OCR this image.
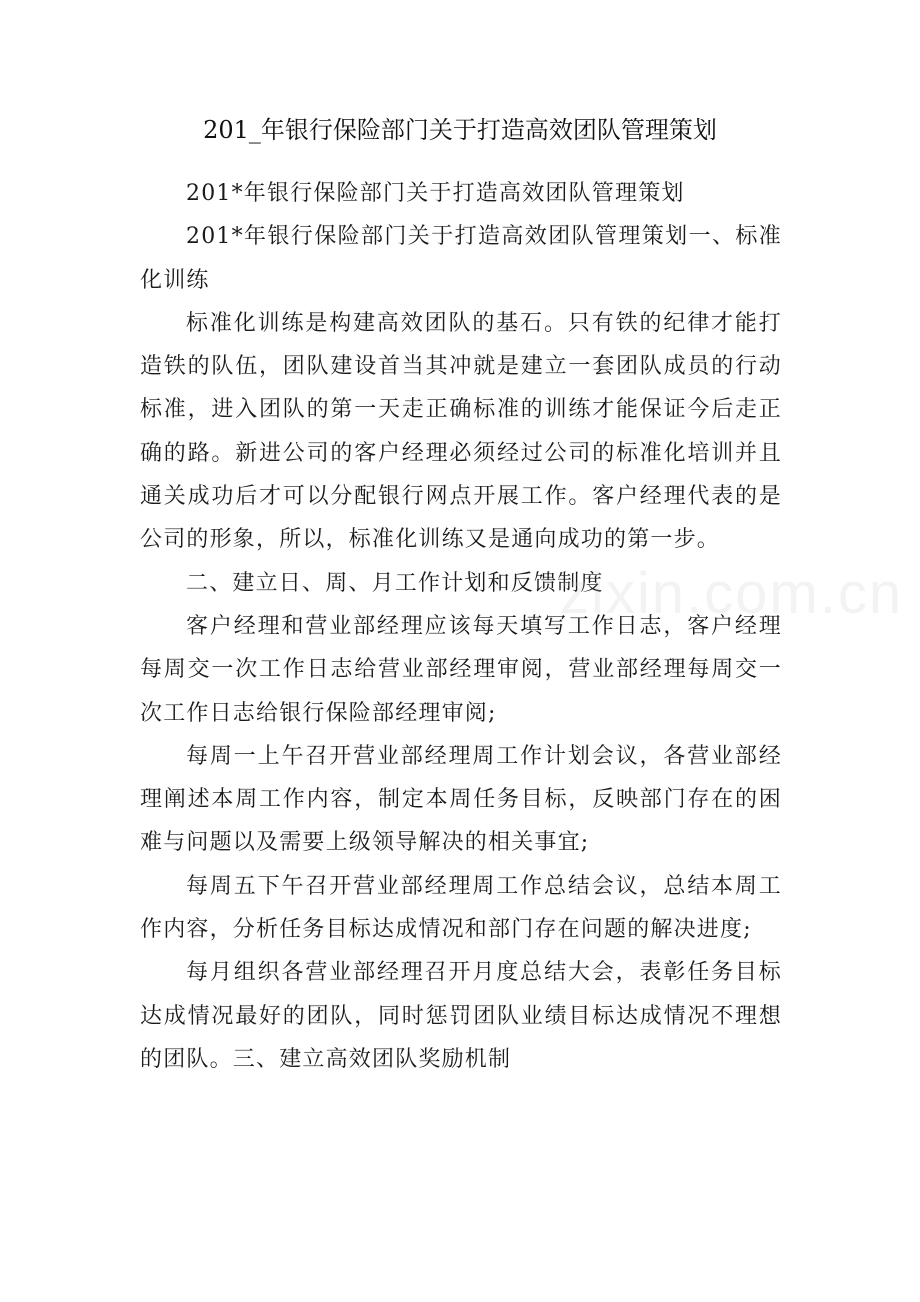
201_年银行保险部门关于打造高效团队管理策划

201*年银行保险部门关于打造高效团队管理策划

201*年银行保险部门关于打造高效团队管理策划一、标准化训练

标准化训练是构建高效团队的基石。只有铁的纪律才能打造铁的队伍，团队建设首当其冲就是建立一套团队成员的行动标准，进入团队的第一天走正确标准的训练才能保证今后走正确的路。新进公司的客户经理必须经过公司的标准化培训并且通关成功后才可以分配银行网点开展工作。客户经理代表的是公司的形象，所以，标准化训练又是通向成功的第一步。

二、建立日、周、月工作计划和反馈制度

客户经理和营业部经理应该每天填写工作日志，客户经理每周交一次工作日志给营业部经理审阅，营业部经理每周交一次工作日志给银行保险部经理审阅;

每周一上午召开营业部经理周工作计划会议，各营业部经理阐述本周工作内容，制定本周任务目标，反映部门存在的困难与问题以及需要上级领导解决的相关事宜;

每周五下午召开营业部经理周工作总结会议，总结本周工作内容，分析任务目标达成情况和部门存在问题的解决进度;

每月组织各营业部经理召开月度总结大会，表彰任务目标达成情况最好的团队，同时惩罚团队业绩目标达成情况不理想的团队。三、建立高效团队奖励机制

zixin.com.cn
